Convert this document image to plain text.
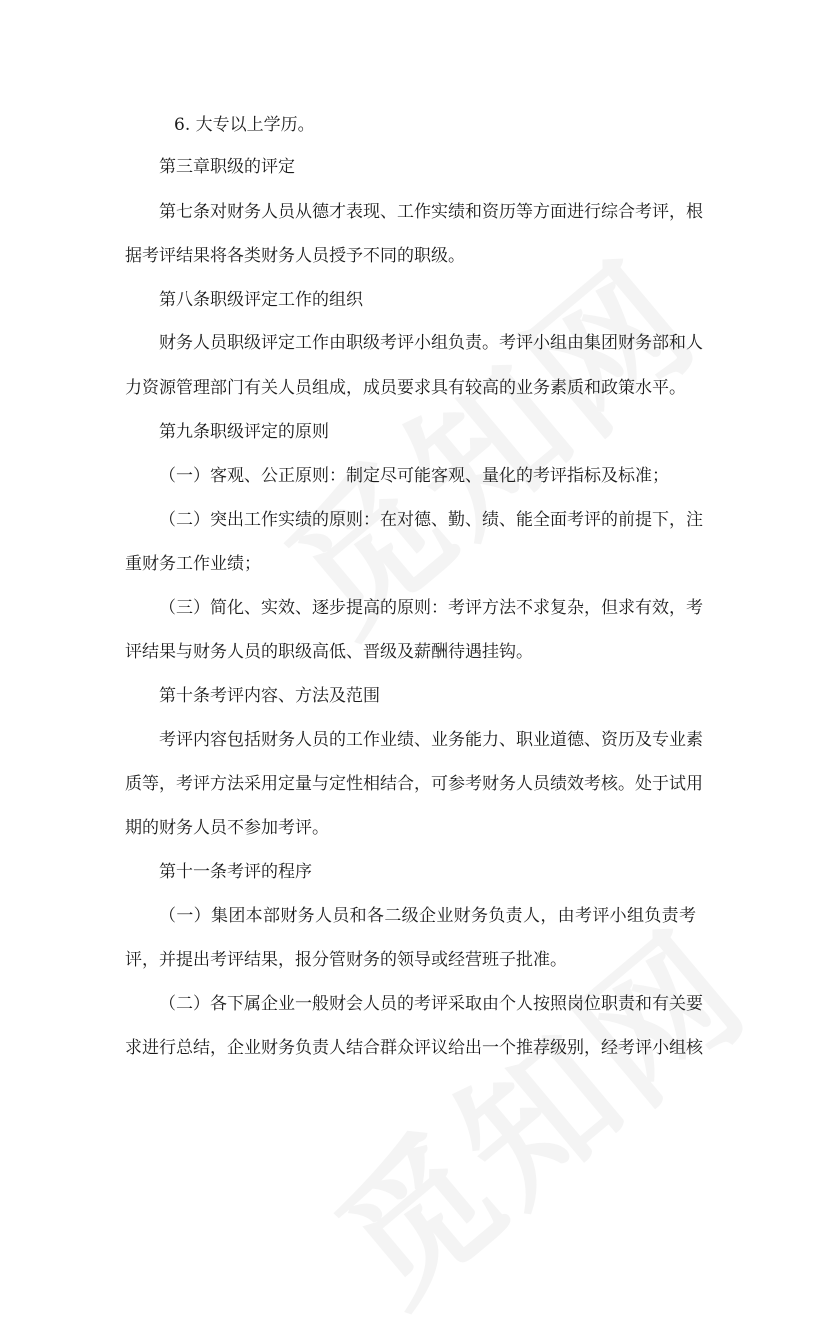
6. 大专以上学历。
第三章职级的评定
第七条对财务人员从德才表现、工作实绩和资历等方面进行综合考评，根
据考评结果将各类财务人员授予不同的职级。
第八条职级评定工作的组织
财务人员职级评定工作由职级考评小组负责。考评小组由集团财务部和人
力资源管理部门有关人员组成，成员要求具有较高的业务素质和政策水平。
第九条职级评定的原则
（一）客观、公正原则：制定尽可能客观、量化的考评指标及标准；
（二）突出工作实绩的原则：在对德、勤、绩、能全面考评的前提下，注
重财务工作业绩；
（三）简化、实效、逐步提高的原则：考评方法不求复杂，但求有效，考
评结果与财务人员的职级高低、晋级及薪酬待遇挂钩。
第十条考评内容、方法及范围
考评内容包括财务人员的工作业绩、业务能力、职业道德、资历及专业素
质等，考评方法采用定量与定性相结合，可参考财务人员绩效考核。处于试用
期的财务人员不参加考评。
第十一条考评的程序
（一）集团本部财务人员和各二级企业财务负责人，由考评小组负责考
评，并提出考评结果，报分管财务的领导或经营班子批准。
（二）各下属企业一般财会人员的考评采取由个人按照岗位职责和有关要
求进行总结，企业财务负责人结合群众评议给出一个推荐级别，经考评小组核
